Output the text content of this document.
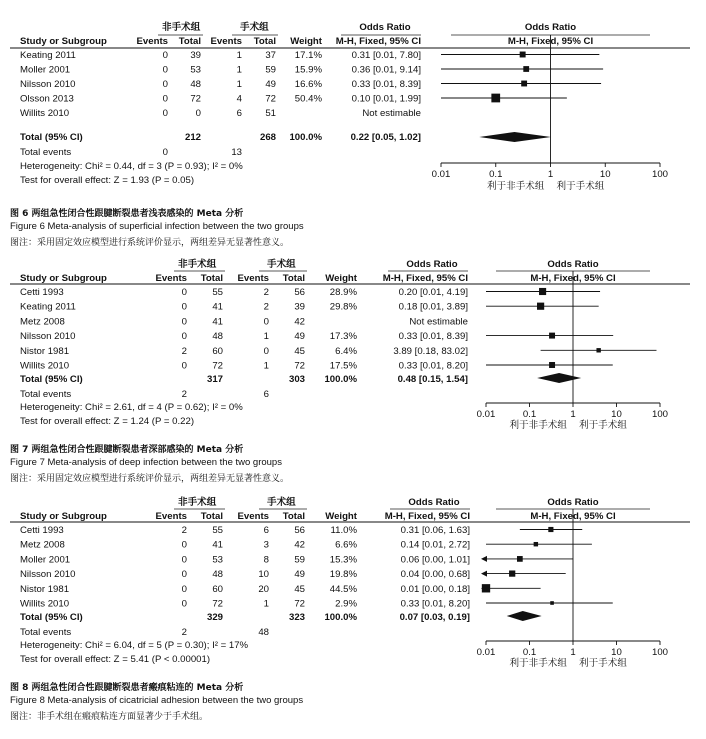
非手术组	手术组	Odds Ratio	Odds Ratio
Study or Subgroup	Events Total Events Total Weight M-H, Fixed, 95% CI	M-H, Fixed, 95% CI
Keating 2011	0 39	1 37 17.1%	0.31 [0.01, 7.80]
Moller 2001	0 53	1 59 15.9%	0.36 [0.01, 9.14]
Nilsson 2010	0 48	1 49 16.6%	0.33 [0.01, 8.39]
Olsson 2013	0 72	4 72 50.4%	0.10 [0.01, 1.99]
Willits 2010	0	0	6 51	Not estimable
Total (95% CI)	212	268 100.0%	0.22 [0.05, 1.02]
Total events	0	13
Heterogeneity: Chi² = 0.44, df = 3 (P = 0.93); I² = 0%
Test for overall effect: Z = 1.93 (P = 0.05)
0.01	0.1	1	10	100
利于非手术组 利于手术组
图 6 两组急性闭合性跟腱断裂患者浅表感染的 Meta 分析
Figure 6 Meta-analysis of superficial infection between the two groups
图注：采用固定效应模型进行系统评价显示，两组差异无显著性意义。
非手术组	手术组	Odds Ratio	Odds Ratio
Study or Subgroup	Events Total Events Total Weight	M-H, Fixed, 95% CI	M-H, Fixed, 95% CI
Cetti 1993	0	55	2	56	28.9%	0.20 [0.01, 4.19]
Keating 2011	0	41	2	39	29.8%	0.18 [0.01, 3.89]
Metz 2008	0	41	0	42	Not estimable
Nilsson 2010	0	48	1	49	17.3%	0.33 [0.01, 8.39]
Nistor 1981	2	60	0	45	6.4%	3.89 [0.18, 83.02]
Willits 2010	0	72	1	72	17.5%	0.33 [0.01, 8.20]
Total (95% CI)	317	303 100.0%	0.48 [0.15, 1.54]
Total events	2	6
Heterogeneity: Chi² = 2.61, df = 4 (P = 0.62); I² = 0%
Test for overall effect: Z = 1.24 (P = 0.22)
0.01	0.1	1	10	100
利于非手术组 利于手术组
图 7 两组急性闭合性跟腱断裂患者深部感染的 Meta 分析
Figure 7 Meta-analysis of deep infection between the two groups
图注：采用固定效应模型进行系统评价显示，两组差异无显著性意义。
非手术组	手术组	Odds Ratio	Odds Ratio
Study or Subgroup	Events Total Events Total Weight	M-H, Fixed, 95% CI	M-H, Fixed, 95% CI
Cetti 1993	2	55	6	56	11.0%	0.31 [0.06, 1.63]
Metz 2008	0	41	3	42	6.6%	0.14 [0.01, 2.72]
Moller 2001	0	53	8	59	15.3%	0.06 [0.00, 1.01]
Nilsson 2010	0	48	10	49	19.8%	0.04 [0.00, 0.68]
Nistor 1981	0	60	20	45	44.5%	0.01 [0.00, 0.18]
Willits 2010	0	72	1	72	2.9%	0.33 [0.01, 8.20]
Total (95% CI)	329	323 100.0%	0.07 [0.03, 0.19]
Total events	2	48
Heterogeneity: Chi² = 6.04, df = 5 (P = 0.30); I² = 17%
Test for overall effect: Z = 5.41 (P < 0.00001)
0.01	0.1	1	10	100
利于非手术组 利于手术组
图 8 两组急性闭合性跟腱断裂患者瘢痕粘连的 Meta 分析
Figure 8 Meta-analysis of cicatricial adhesion between the two groups
图注：非手术组在瘢痕粘连方面显著少于手术组。
